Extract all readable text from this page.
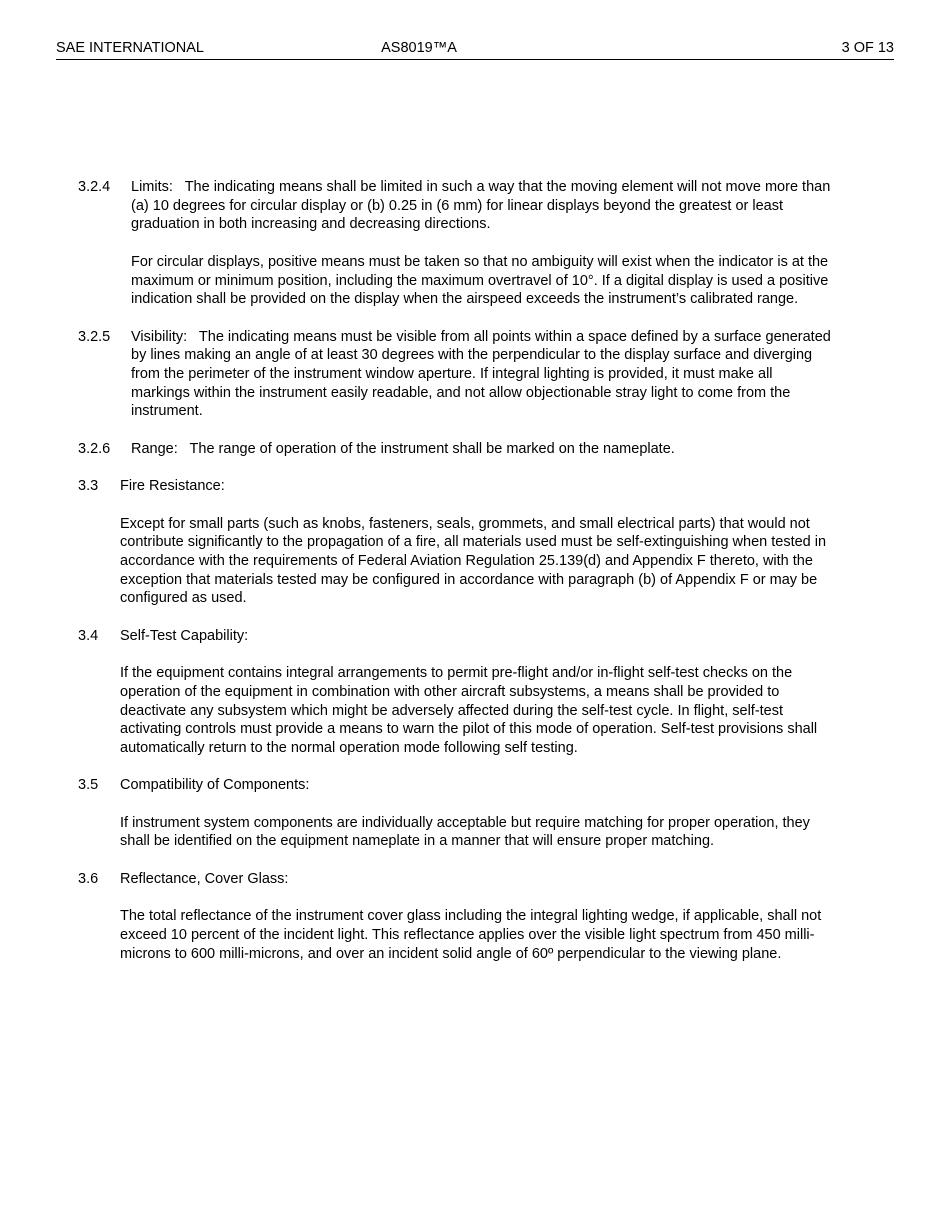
SAE INTERNATIONAL	AS8019™A	3 OF 13
3.2.4 Limits: The indicating means shall be limited in such a way that the moving element will not move more than (a) 10 degrees for circular display or (b) 0.25 in (6 mm) for linear displays beyond the greatest or least graduation in both increasing and decreasing directions.
For circular displays, positive means must be taken so that no ambiguity will exist when the indicator is at the maximum or minimum position, including the maximum overtravel of 10°. If a digital display is used a positive indication shall be provided on the display when the airspeed exceeds the instrument’s calibrated range.
3.2.5 Visibility: The indicating means must be visible from all points within a space defined by a surface generated by lines making an angle of at least 30 degrees with the perpendicular to the display surface and diverging from the perimeter of the instrument window aperture. If integral lighting is provided, it must make all markings within the instrument easily readable, and not allow objectionable stray light to come from the instrument.
3.2.6 Range: The range of operation of the instrument shall be marked on the nameplate.
3.3 Fire Resistance:
Except for small parts (such as knobs, fasteners, seals, grommets, and small electrical parts) that would not contribute significantly to the propagation of a fire, all materials used must be self-extinguishing when tested in accordance with the requirements of Federal Aviation Regulation 25.139(d) and Appendix F thereto, with the exception that materials tested may be configured in accordance with paragraph (b) of Appendix F or may be configured as used.
3.4 Self-Test Capability:
If the equipment contains integral arrangements to permit pre-flight and/or in-flight self-test checks on the operation of the equipment in combination with other aircraft subsystems, a means shall be provided to deactivate any subsystem which might be adversely affected during the self-test cycle. In flight, self-test activating controls must provide a means to warn the pilot of this mode of operation. Self-test provisions shall automatically return to the normal operation mode following self testing.
3.5 Compatibility of Components:
If instrument system components are individually acceptable but require matching for proper operation, they shall be identified on the equipment nameplate in a manner that will ensure proper matching.
3.6 Reflectance, Cover Glass:
The total reflectance of the instrument cover glass including the integral lighting wedge, if applicable, shall not exceed 10 percent of the incident light. This reflectance applies over the visible light spectrum from 450 milli-microns to 600 milli-microns, and over an incident solid angle of 60º perpendicular to the viewing plane.
